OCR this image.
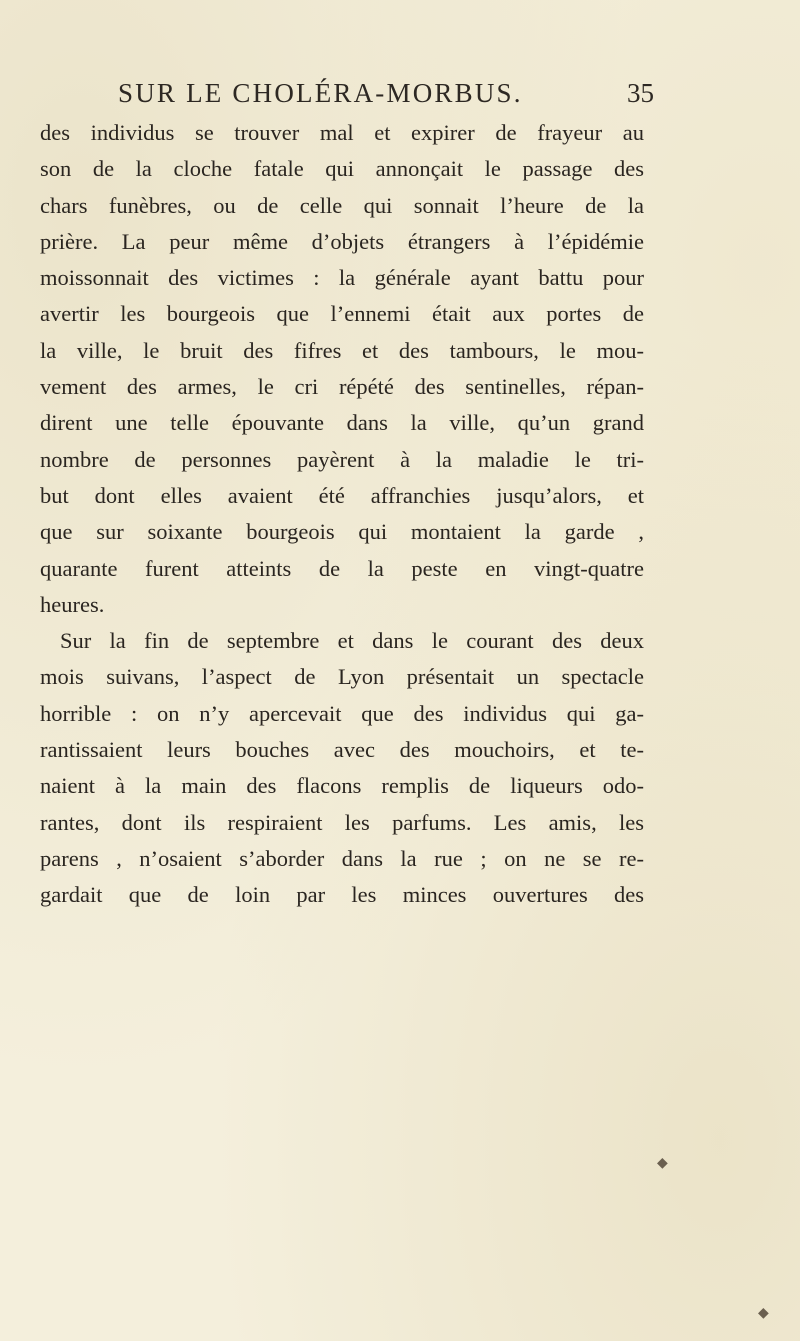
SUR LE CHOLÉRA-MORBUS.	35
des individus se trouver mal et expirer de frayeur au
son de la cloche fatale qui annonçait le passage des
chars funèbres, ou de celle qui sonnait l’heure de la
prière. La peur même d’objets étrangers à l’épidémie
moissonnait des victimes : la générale ayant battu pour
avertir les bourgeois que l’ennemi était aux portes de
la ville, le bruit des fifres et des tambours, le mou-
vement des armes, le cri répété des sentinelles, répan-
dirent une telle épouvante dans la ville, qu’un grand
nombre de personnes payèrent à la maladie le tri-
but dont elles avaient été affranchies jusqu’alors, et
que sur soixante bourgeois qui montaient la garde ,
quarante furent atteints de la peste en vingt-quatre
heures.
Sur la fin de septembre et dans le courant des deux
mois suivans, l’aspect de Lyon présentait un spectacle
horrible : on n’y apercevait que des individus qui ga-
rantissaient leurs bouches avec des mouchoirs, et te-
naient à la main des flacons remplis de liqueurs odo-
rantes, dont ils respiraient les parfums. Les amis, les
parens , n’osaient s’aborder dans la rue ; on ne se re-
gardait que de loin par les minces ouvertures des
◆
◆
